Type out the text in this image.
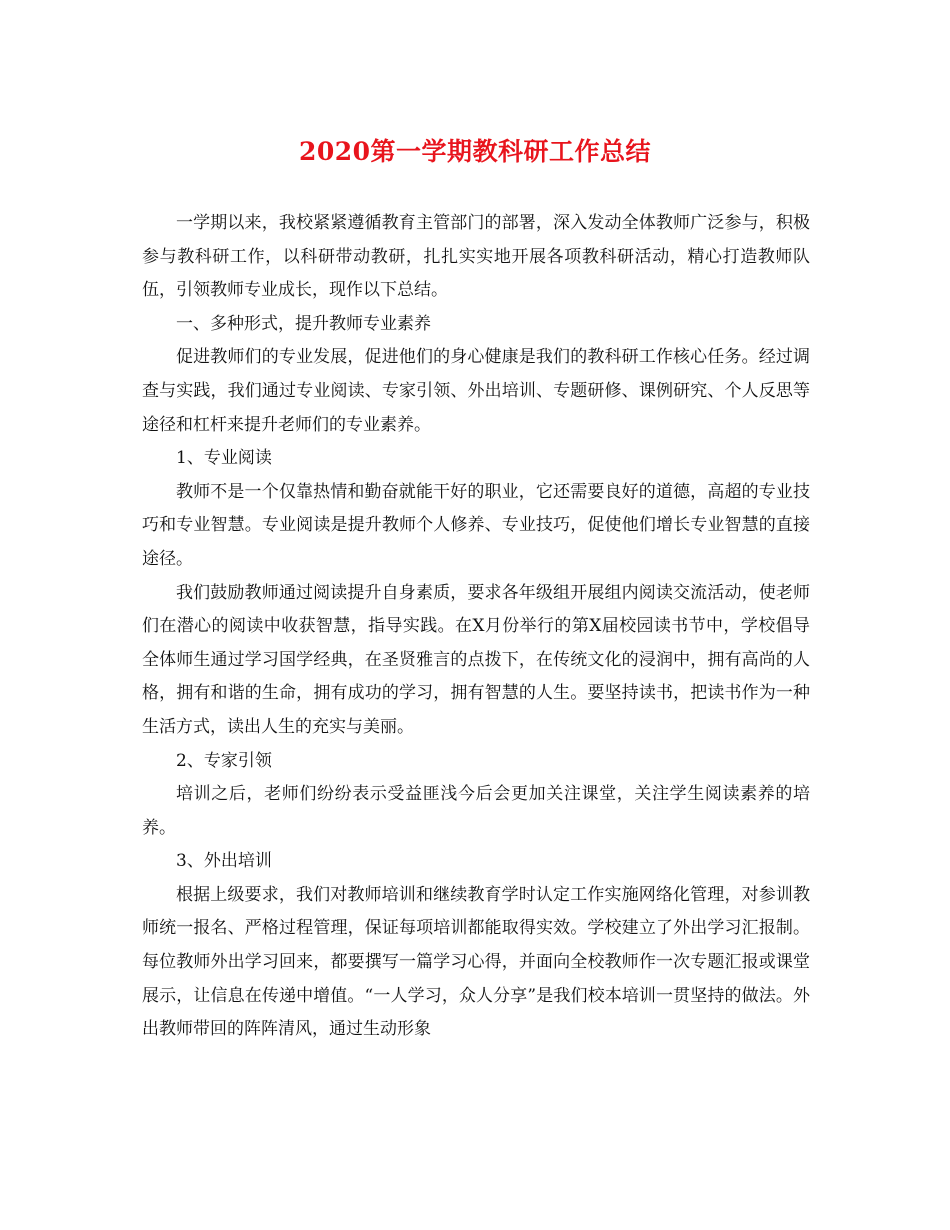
2020第一学期教科研工作总结

一学期以来，我校紧紧遵循教育主管部门的部署，深入发动全体教师广泛参与，积极参与教科研工作，以科研带动教研，扎扎实实地开展各项教科研活动，精心打造教师队伍，引领教师专业成长，现作以下总结。

一、多种形式，提升教师专业素养

促进教师们的专业发展，促进他们的身心健康是我们的教科研工作核心任务。经过调查与实践，我们通过专业阅读、专家引领、外出培训、专题研修、课例研究、个人反思等途径和杠杆来提升老师们的专业素养。

1、专业阅读

教师不是一个仅靠热情和勤奋就能干好的职业，它还需要良好的道德，高超的专业技巧和专业智慧。专业阅读是提升教师个人修养、专业技巧，促使他们增长专业智慧的直接途径。

我们鼓励教师通过阅读提升自身素质，要求各年级组开展组内阅读交流活动，使老师们在潜心的阅读中收获智慧，指导实践。在X月份举行的第X届校园读书节中，学校倡导全体师生通过学习国学经典，在圣贤雅言的点拨下，在传统文化的浸润中，拥有高尚的人格，拥有和谐的生命，拥有成功的学习，拥有智慧的人生。要坚持读书，把读书作为一种生活方式，读出人生的充实与美丽。

2、专家引领

培训之后，老师们纷纷表示受益匪浅今后会更加关注课堂，关注学生阅读素养的培养。

3、外出培训

根据上级要求，我们对教师培训和继续教育学时认定工作实施网络化管理，对参训教师统一报名、严格过程管理，保证每项培训都能取得实效。学校建立了外出学习汇报制。每位教师外出学习回来，都要撰写一篇学习心得，并面向全校教师作一次专题汇报或课堂展示，让信息在传递中增值。“一人学习，众人分享”是我们校本培训一贯坚持的做法。外出教师带回的阵阵清风，通过生动形象
